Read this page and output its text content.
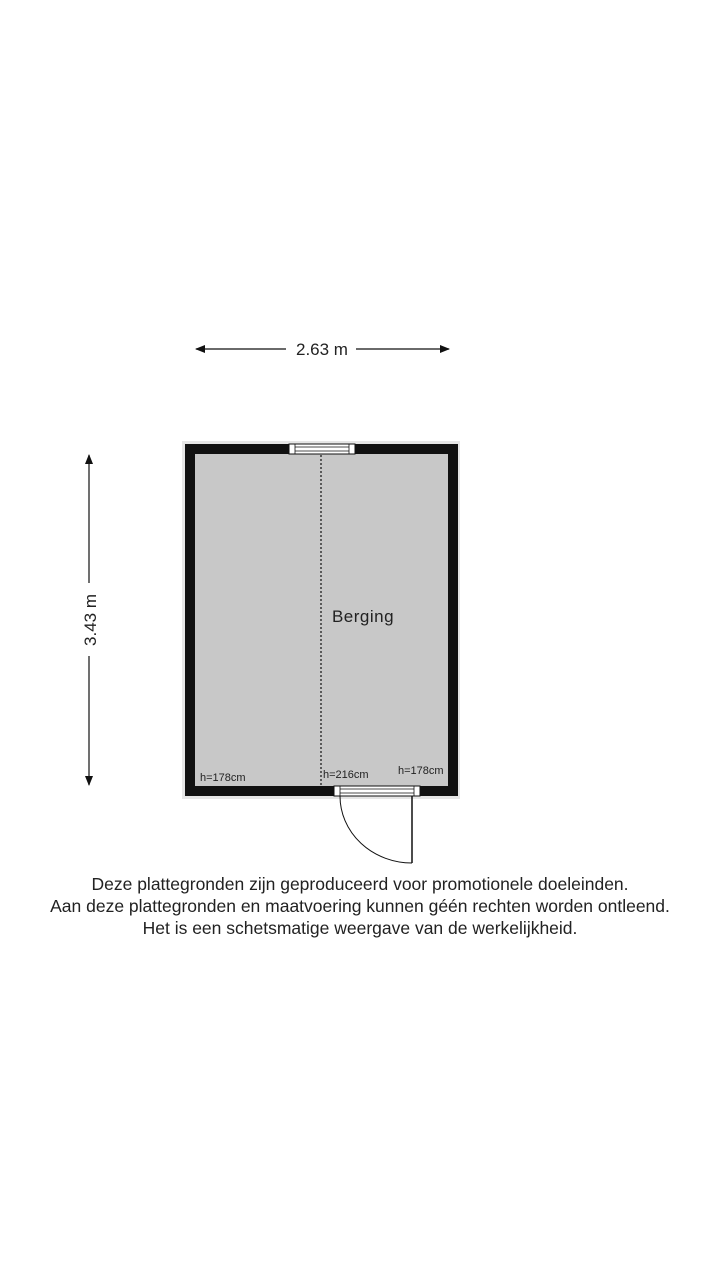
2.63 m
3.43 m	Berging
h=178cm	h=216cm	h=178cm
Deze plattegronden zijn geproduceerd voor promotionele doeleinden.
Aan deze plattegronden en maatvoering kunnen géén rechten worden ontleend.
Het is een schetsmatige weergave van de werkelijkheid.
